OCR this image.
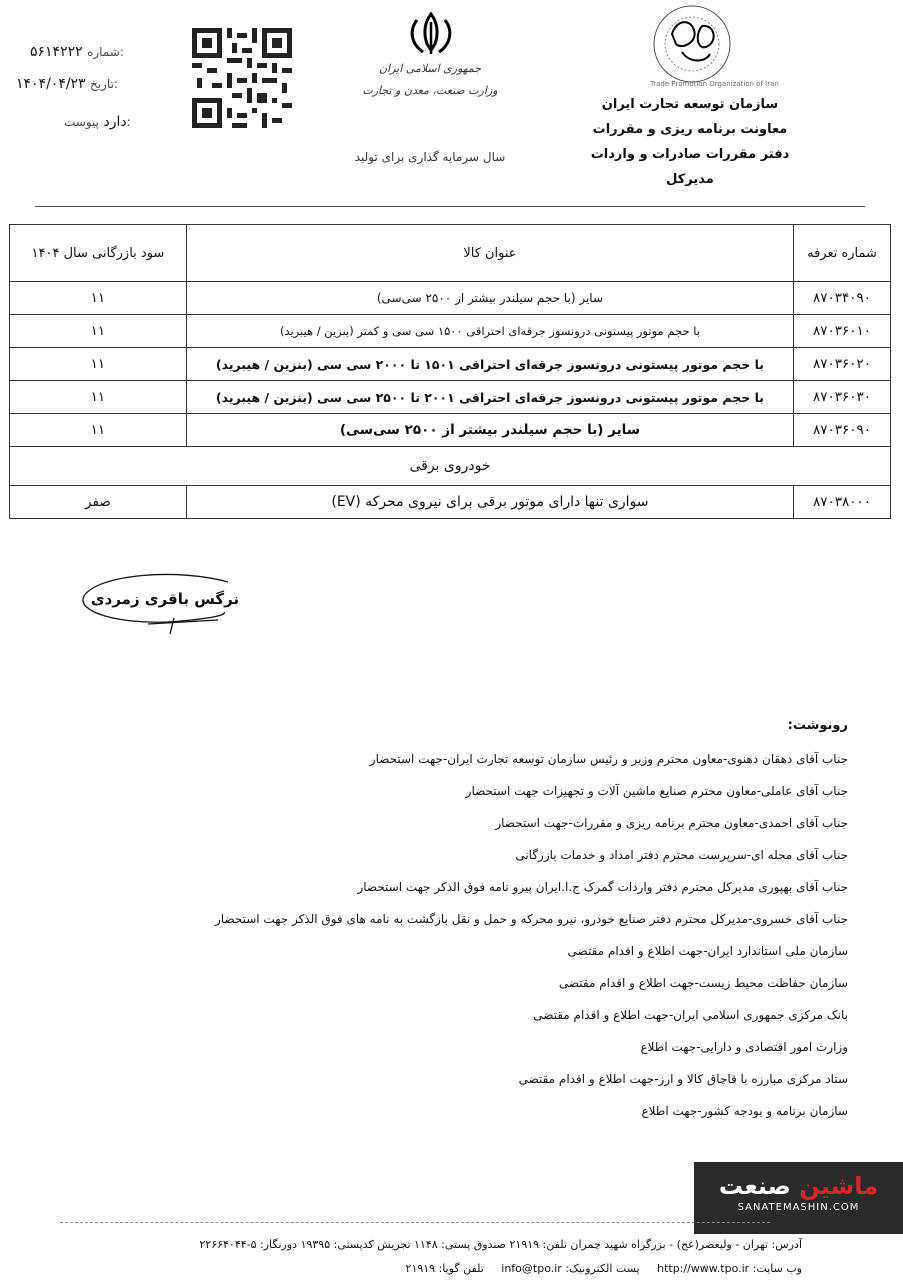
۵۶۱۴۲۲۲ شماره:
۱۴۰۴/۰۴/۲۳ تاریخ:
دارد پیوست:
جمهوری اسلامی ایران
وزارت صنعت، معدن و تجارت
سال سرمایه گذاری برای تولید
Trade Promotion Organization of Iran
سازمان توسعه تجارت ایران
معاونت برنامه ریزی و مقررات
دفتر مقررات صادرات و واردات
مدیرکل
شماره تعرفه	عنوان کالا	سود بازرگانی سال ۱۴۰۴
۸۷۰۳۴۰۹۰	سایر (با حجم سیلندر بیشتر از ۲۵۰۰ سی‌سی)	۱۱
۸۷۰۳۶۰۱۰	با حجم موتور پیستونی درونسوز جرقه‌ای احتراقی ۱۵۰۰ سی سی و کمتر (بنزین / هیبرید)	۱۱
۸۷۰۳۶۰۲۰	با حجم موتور پیستونی درونسوز جرقه‌ای احتراقی ۱۵۰۱ تا ۲۰۰۰ سی سی (بنزین / هیبرید)	۱۱
۸۷۰۳۶۰۳۰	با حجم موتور پیستونی درونسوز جرقه‌ای احتراقی ۲۰۰۱ تا ۲۵۰۰ سی سی (بنزین / هیبرید)	۱۱
۸۷۰۳۶۰۹۰	سایر (با حجم سیلندر بیشتر از ۲۵۰۰ سی‌سی)	۱۱
خودروی برقی		
۸۷۰۳۸۰۰۰	سواری تنها دارای موتور برقی برای نیروی محرکه (EV)	صفر
نرگس باقری زمردی
رونوشت:
جناب آقای دهقان دهنوی-معاون محترم وزیر و رئیس سازمان توسعه تجارت ایران-جهت استحضار
جناب آقای عاملی-معاون محترم صنایع ماشین آلات و تجهیزات جهت استحضار
جناب آقای احمدی-معاون محترم برنامه ریزی و مقررات-جهت استحضار
جناب آقای محله ای-سرپرست محترم دفتر امداد و خدمات بازرگانی
جناب آقای بهپوری مدیرکل محترم دفتر واردات گمرک ج.ا.ایران پیرو نامه فوق الذکر جهت استحضار
جناب آقای خسروی-مدیرکل محترم دفتر صنایع خودرو، نیرو محرکه و حمل و نقل بازگشت به نامه های فوق الذکر جهت استحضار
سازمان ملی استاندارد ایران-جهت اطلاع و اقدام مقتضی
سازمان حفاظت محیط زیست-جهت اطلاع و اقدام مقتضی
بانک مرکزی جمهوری اسلامی ایران-جهت اطلاع و اقدام مقتضی
وزارت امور اقتصادی و دارایی-جهت اطلاع
ستاد مرکزی مبارزه با قاچاق کالا و ارز-جهت اطلاع و اقدام مقتضی
سازمان برنامه و بودجه کشور-جهت اطلاع
ماشین صنعت
SANATEMASHIN.COM
آدرس: تهران - ولیعصر(عج) - بزرگراه شهید چمران تلفن: ۲۱۹۱۹ صندوق پستی: ۱۱۴۸ تجریش کدپستی: ۱۹۳۹۵ دورنگار: ۵-۲۲۶۶۴۰۴۴
وب سایت: http://www.tpo.ir     پست الکترونیک: info@tpo.ir     تلفن گویا: ۲۱۹۱۹
